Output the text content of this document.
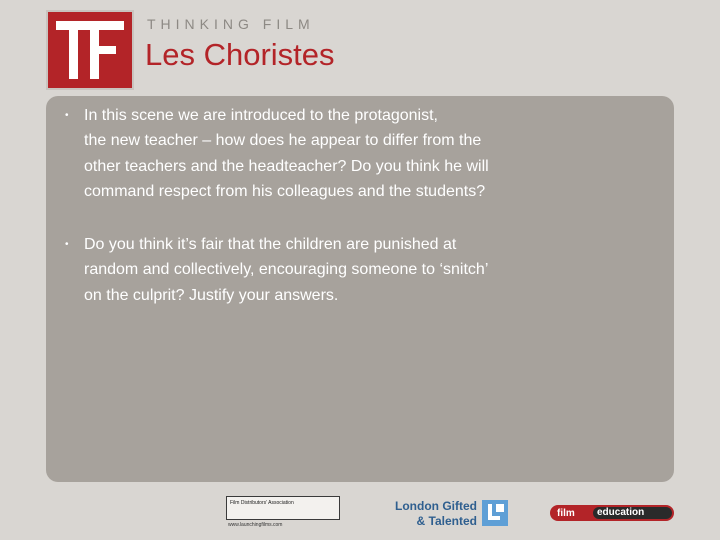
THINKING FILM
Les Choristes
• In this scene we are introduced to the protagonist,
the new teacher – how does he appear to differ from the
other teachers and the headteacher? Do you think he will
command respect from his colleagues and the students?
• Do you think it’s fair that the children are punished at
random and collectively, encouraging someone to ‘snitch’
on the culprit? Justify your answers.
Film Distributors’ Association
www.launchingfilms.com
London Gifted
& Talented
film	education
